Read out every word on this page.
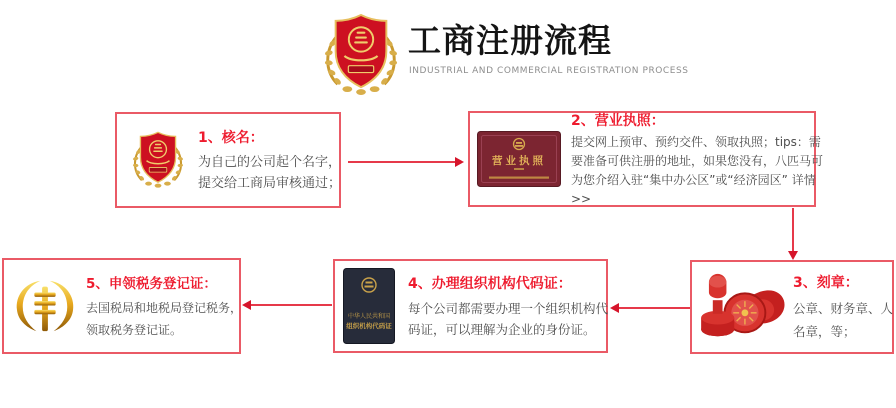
工商注册流程
INDUSTRIAL AND COMMERCIAL REGISTRATION PROCESS

1、核名：

为自己的公司起个名字，提交给工商局审核通过；

营业执照

2、营业执照：

提交网上预审、预约交件、领取执照；tips：需要准备可供注册的地址，如果您没有，八匹马可为您介绍入驻“集中办公区”或“经济园区” 详情 >>

3、刻章：

公章、财务章、人名章，等；

中华人民共和国
组织机构代码证

4、办理组织机构代码证：

每个公司都需要办理一个组织机构代码证，可以理解为企业的身份证。

5、申领税务登记证：

去国税局和地税局登记税务，领取税务登记证。
